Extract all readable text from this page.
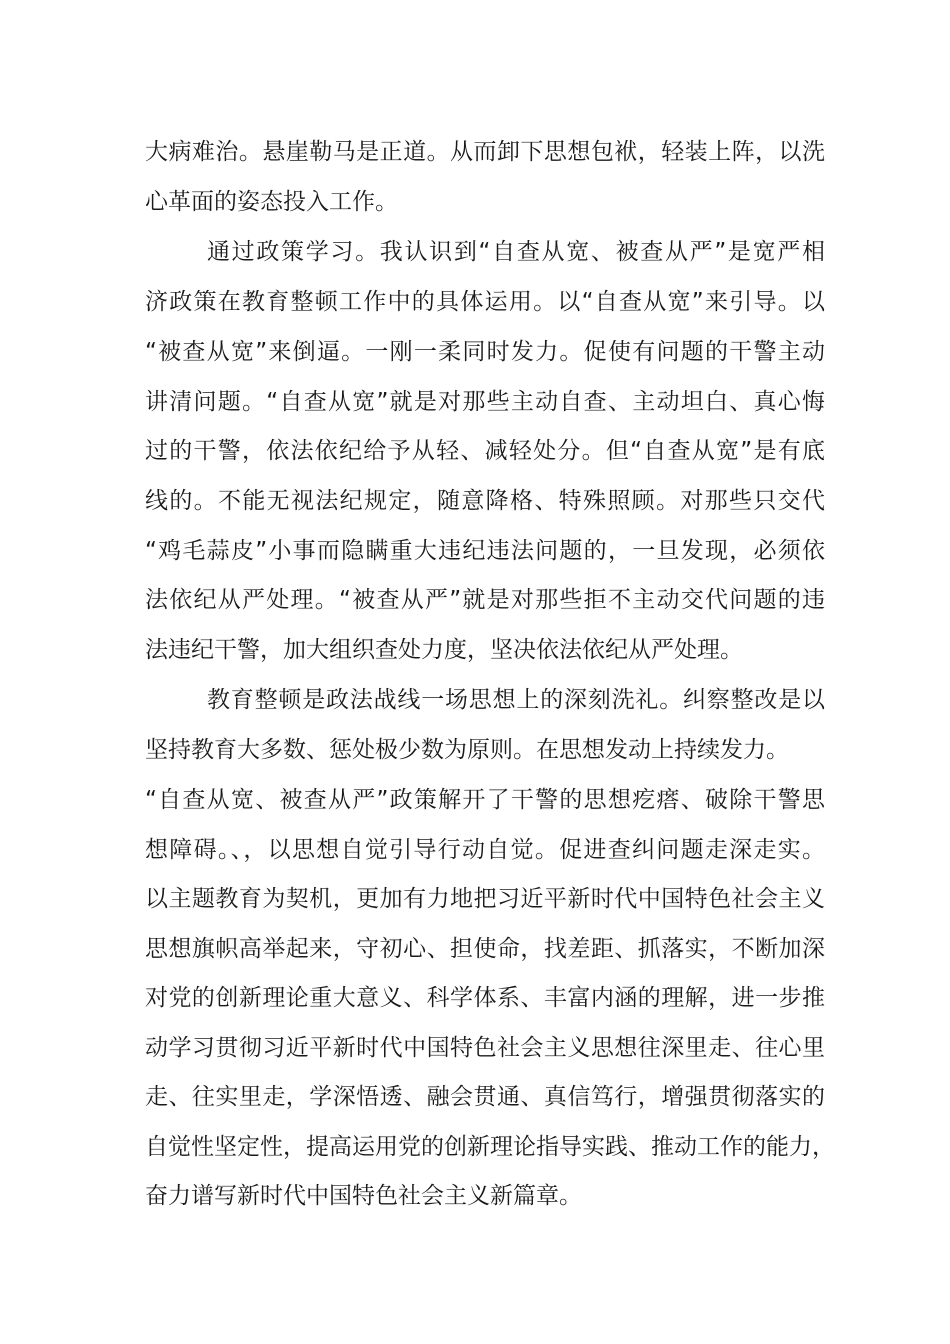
大病难治。悬崖勒马是正道。从而卸下思想包袱，轻装上阵，以洗
心革面的姿态投入工作。
通过政策学习。我认识到“自查从宽、被查从严”是宽严相
济政策在教育整顿工作中的具体运用。以“自查从宽”来引导。以
“被查从宽”来倒逼。一刚一柔同时发力。促使有问题的干警主动
讲清问题。“自查从宽”就是对那些主动自查、主动坦白、真心悔
过的干警，依法依纪给予从轻、减轻处分。但“自查从宽”是有底
线的。不能无视法纪规定，随意降格、特殊照顾。对那些只交代
“鸡毛蒜皮”小事而隐瞒重大违纪违法问题的，一旦发现，必须依
法依纪从严处理。“被查从严”就是对那些拒不主动交代问题的违
法违纪干警，加大组织查处力度，坚决依法依纪从严处理。
教育整顿是政法战线一场思想上的深刻洗礼。纠察整改是以
坚持教育大多数、惩处极少数为原则。在思想发动上持续发力。
“自查从宽、被查从严”政策解开了干警的思想疙瘩、破除干警思
想障碍。、，以思想自觉引导行动自觉。促进查纠问题走深走实。
以主题教育为契机，更加有力地把习近平新时代中国特色社会主义
思想旗帜高举起来，守初心、担使命，找差距、抓落实，不断加深
对党的创新理论重大意义、科学体系、丰富内涵的理解，进一步推
动学习贯彻习近平新时代中国特色社会主义思想往深里走、往心里
走、往实里走，学深悟透、融会贯通、真信笃行，增强贯彻落实的
自觉性坚定性，提高运用党的创新理论指导实践、推动工作的能力，
奋力谱写新时代中国特色社会主义新篇章。
